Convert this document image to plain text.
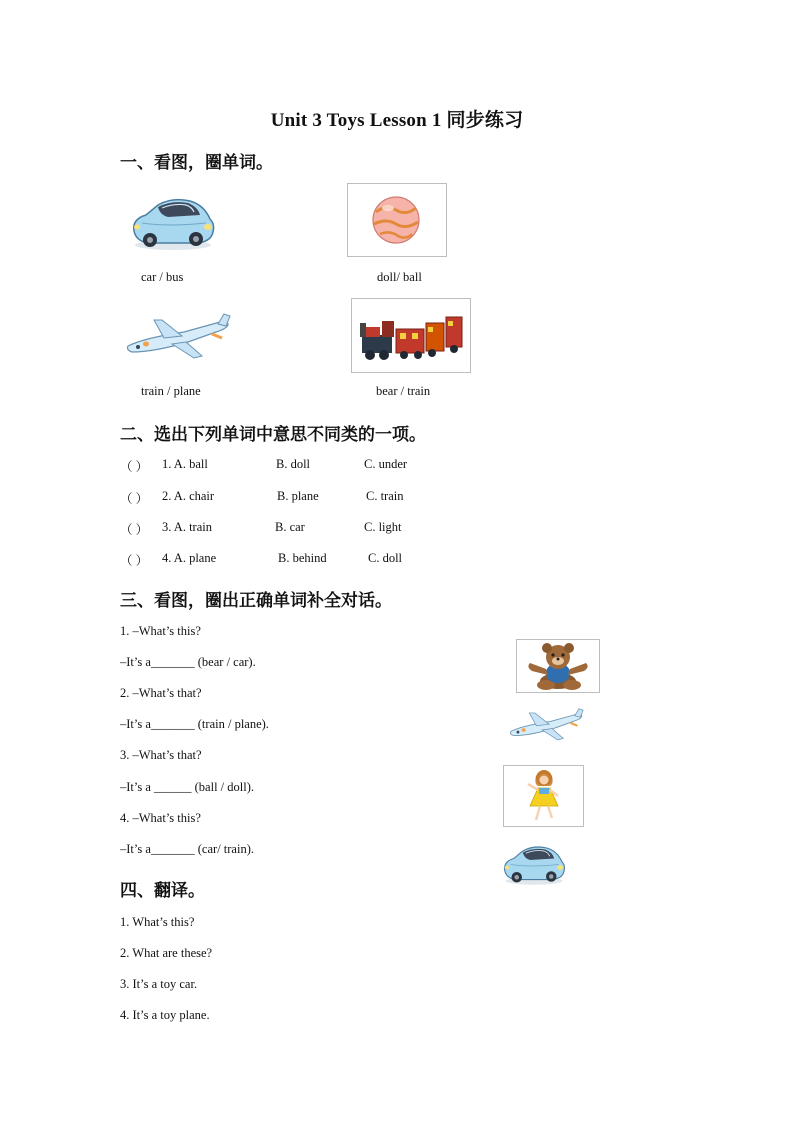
Unit 3 Toys Lesson 1 同步练习
一、看图，圈单词。
car / bus	doll/ ball
train / plane	bear / train
二、选出下列单词中意思不同类的一项。
（ ） 1. A. ball	B. doll	C. under
（ ） 2. A. chair	B. plane	C. train
（ ） 3. A. train	B. car	C. light
（ ） 4. A. plane	B. behind	C. doll
三、看图，圈出正确单词补全对话。
1. –What’s this?
–It’s a_______ (bear / car).
2. –What’s that?
–It’s a_______ (train / plane).
3. –What’s that?
–It’s a ______ (ball / doll).
4. –What’s this?
–It’s a_______ (car/ train).
四、翻译。
1. What’s this?
2. What are these?
3. It’s a toy car.
4. It’s a toy plane.
